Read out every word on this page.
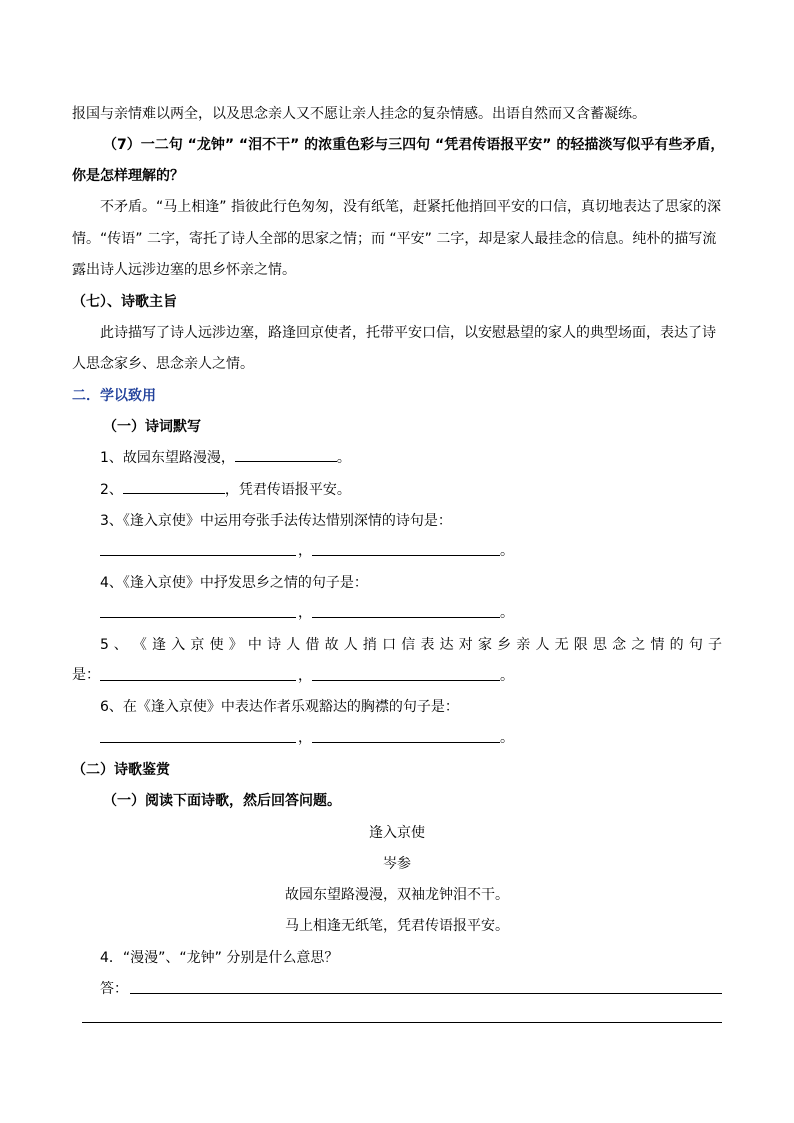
报国与亲情难以两全，以及思念亲人又不愿让亲人挂念的复杂情感。出语自然而又含蓄凝练。
（7）一二句 “龙钟” “泪不干” 的浓重色彩与三四句 “凭君传语报平安” 的轻描淡写似乎有些矛盾，
你是怎样理解的？
不矛盾。“马上相逢” 指彼此行色匆匆，没有纸笔，赶紧托他捎回平安的口信，真切地表达了思家的深
情。“传语” 二字，寄托了诗人全部的思家之情；而 “平安” 二字，却是家人最挂念的信息。纯朴的描写流
露出诗人远涉边塞的思乡怀亲之情。
（七）、诗歌主旨
此诗描写了诗人远涉边塞，路逢回京使者，托带平安口信，以安慰悬望的家人的典型场面，表达了诗
人思念家乡、思念亲人之情。
二．学以致用
（一）诗词默写
1、故园东望路漫漫，	。
2、	，凭君传语报平安。
3、《逢入京使》中运用夸张手法传达惜别深情的诗句是：
，	。
4、《逢入京使》中抒发思乡之情的句子是：
，	。
5 、 《 逢 入 京 使 》 中 诗 人 借 故 人 捎 口 信 表 达 对 家 乡 亲 人 无 限 思 念 之 情 的 句 子
是：	，	。
6、在《逢入京使》中表达作者乐观豁达的胸襟的句子是：
，	。
（二）诗歌鉴赏
（一）阅读下面诗歌，然后回答问题。
逢入京使
岑参
故园东望路漫漫，双袖龙钟泪不干。
马上相逢无纸笔，凭君传语报平安。
4．“漫漫”、“龙钟” 分别是什么意思？
答：
